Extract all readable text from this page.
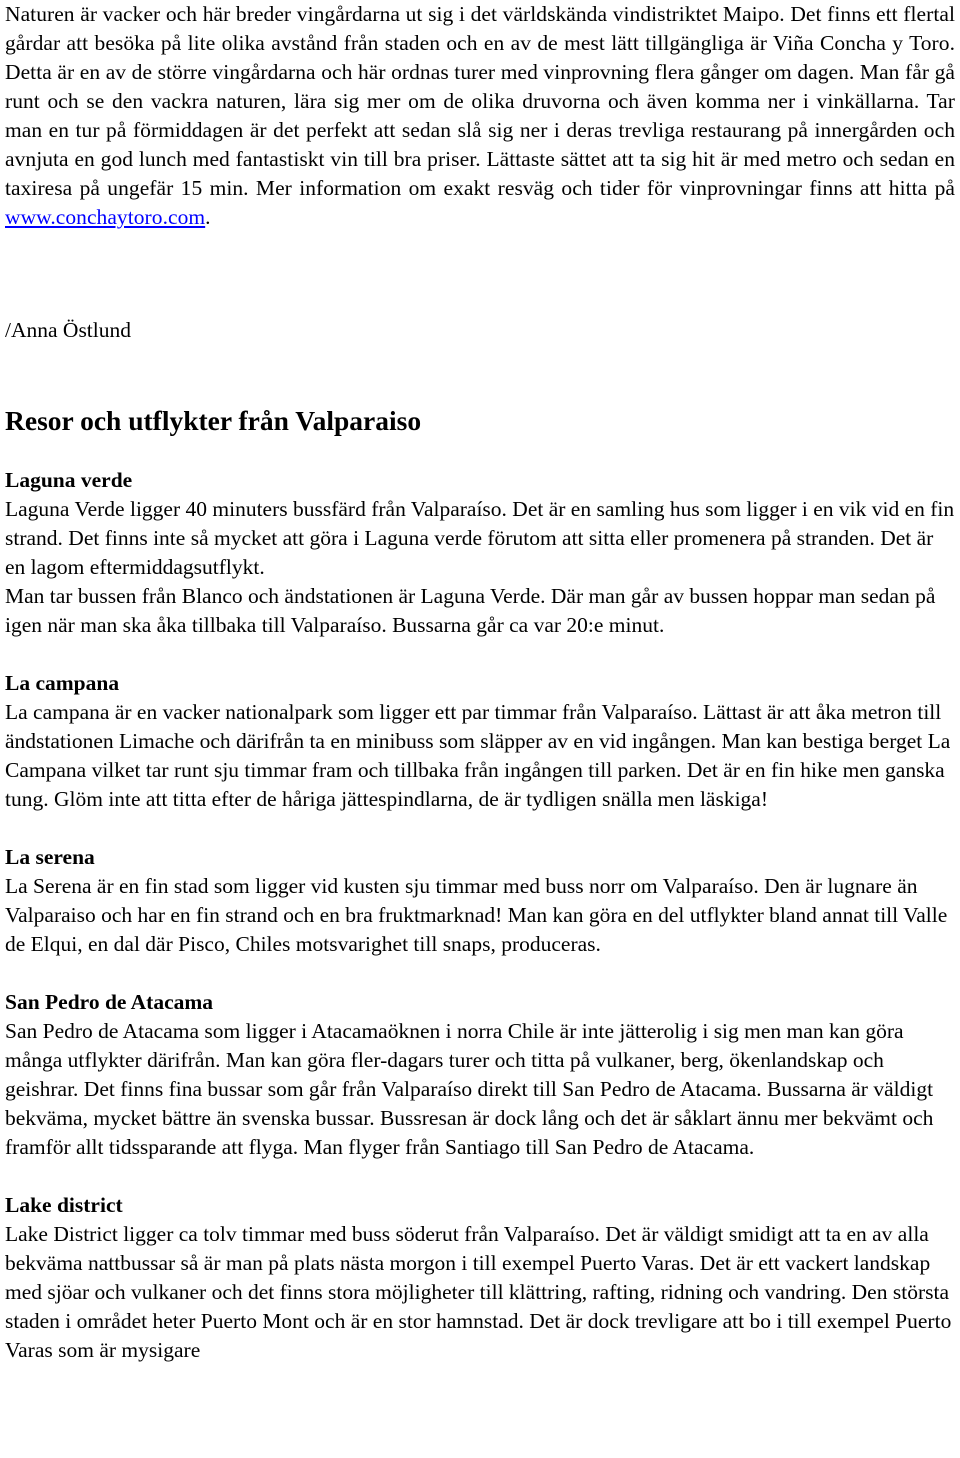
Naturen är vacker och här breder vingårdarna ut sig i det världskända vindistriktet Maipo. Det finns ett flertal gårdar att besöka på lite olika avstånd från staden och en av de mest lätt tillgängliga är Viña Concha y Toro. Detta är en av de större vingårdarna och här ordnas turer med vinprovning flera gånger om dagen. Man får gå runt och se den vackra naturen, lära sig mer om de olika druvorna och även komma ner i vinkällarna. Tar man en tur på förmiddagen är det perfekt att sedan slå sig ner i deras trevliga restaurang på innergården och avnjuta en god lunch med fantastiskt vin till bra priser. Lättaste sättet att ta sig hit är med metro och sedan en taxiresa på ungefär 15 min. Mer information om exakt resväg och tider för vinprovningar finns att hitta på www.conchaytoro.com.

/Anna Östlund

Resor och utflykter från Valparaiso

Laguna verde

Laguna Verde ligger 40 minuters bussfärd från Valparaíso. Det är en samling hus som ligger i en vik vid en fin strand. Det finns inte så mycket att göra i Laguna verde förutom att sitta eller promenera på stranden. Det är en lagom eftermiddagsutflykt.

Man tar bussen från Blanco och ändstationen är Laguna Verde. Där man går av bussen hoppar man sedan på igen när man ska åka tillbaka till Valparaíso. Bussarna går ca var 20:e minut.

La campana

La campana är en vacker nationalpark som ligger ett par timmar från Valparaíso. Lättast är att åka metron till ändstationen Limache och därifrån ta en minibuss som släpper av en vid ingången. Man kan bestiga berget La Campana vilket tar runt sju timmar fram och tillbaka från ingången till parken. Det är en fin hike men ganska tung. Glöm inte att titta efter de håriga jättespindlarna, de är tydligen snälla men läskiga!

La serena

La Serena är en fin stad som ligger vid kusten sju timmar med buss norr om Valparaíso. Den är lugnare än Valparaiso och har en fin strand och en bra fruktmarknad! Man kan göra en del utflykter bland annat till Valle de Elqui, en dal där Pisco, Chiles motsvarighet till snaps, produceras.

San Pedro de Atacama

San Pedro de Atacama som ligger i Atacamaöknen i norra Chile är inte jätterolig i sig men man kan göra många utflykter därifrån. Man kan göra fler-dagars turer och titta på vulkaner, berg, ökenlandskap och geishrar. Det finns fina bussar som går från Valparaíso direkt till San Pedro de Atacama. Bussarna är väldigt bekväma, mycket bättre än svenska bussar. Bussresan är dock lång och det är såklart ännu mer bekvämt och framför allt tidssparande att flyga. Man flyger från Santiago till San Pedro de Atacama.

Lake district

Lake District ligger ca tolv timmar med buss söderut från Valparaíso. Det är väldigt smidigt att ta en av alla bekväma nattbussar så är man på plats nästa morgon i till exempel Puerto Varas. Det är ett vackert landskap med sjöar och vulkaner och det finns stora möjligheter till klättring, rafting, ridning och vandring. Den största staden i området heter Puerto Mont och är en stor hamnstad. Det är dock trevligare att bo i till exempel Puerto Varas som är mysigare
